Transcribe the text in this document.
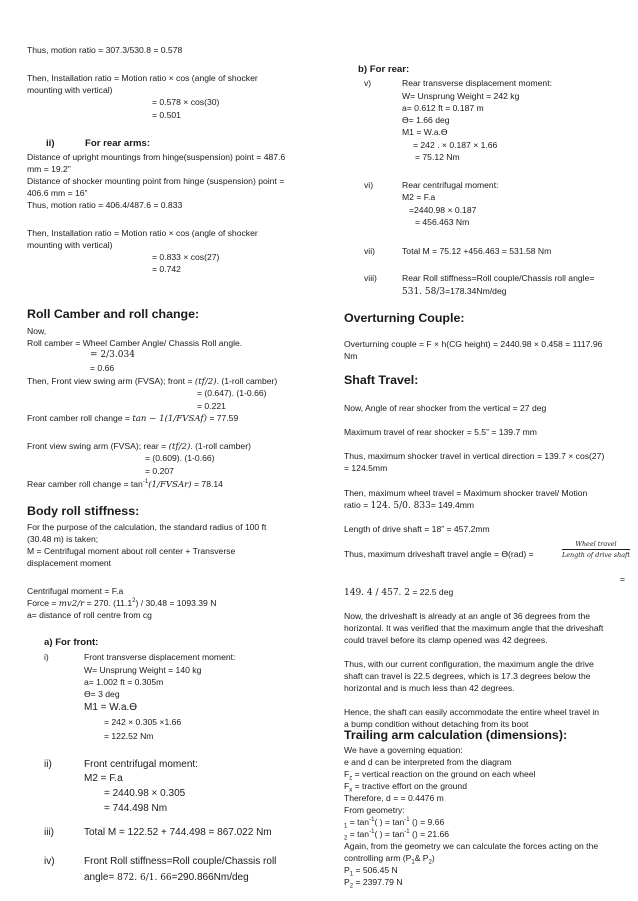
Thus, motion ratio = 307.3/530.8 = 0.578
Then, Installation ratio = Motion ratio × cos (angle of shocker
mounting with vertical)
= 0.578 × cos(30)
= 0.501
ii)	For rear arms:
Distance of upright mountings from hinge(suspension) point = 487.6
mm = 19.2”
Distance of shocker mounting point from hinge (suspension) point =
406.6 mm = 16”
Thus, motion ratio = 406.4/487.6 = 0.833
Then, Installation ratio = Motion ratio × cos (angle of shocker
mounting with vertical)
= 0.833 × cos(27)
= 0.742
Roll Camber and roll change:
Now,
Roll camber = Wheel Camber Angle/ Chassis Roll angle.
= 2/3.034
= 0.66
Then, Front view swing arm (FVSA); front = (tf/2). (1-roll camber)
= (0.647). (1-0.66)
= 0.221
Front camber roll change = tan − 1(1/FVSAf) = 77.59
Front view swing arm (FVSA); rear = (tf/2). (1-roll camber)
= (0.609). (1-0.66)
= 0.207
Rear camber roll change = $\tan^{-1}(1/FVSAr) = 78.14$
Body roll stiffness:
For the purpose of the calculation, the standard radius of 100 ft
(30.48 m) is taken;
M = Centrifugal moment about roll center + Transverse
displacement moment
Centrifugal moment = F.a
Force = mv2/r = 270. (11.1$^2$) / 30.48 = 1093.39 N
a= distance of roll centre from cg
a) For front:
i)	Front transverse displacement moment:
W= Unsprung Weight = 140 kg
a= 1.002 ft = 0.305m
Ө= 3 deg
M1 = W.a.Ө
= 242 × 0.305 ×1.66
= 122.52 Nm
ii)	Front centrifugal moment:
M2 = F.a
= 2440.98 × 0.305
= 744.498 Nm
iii)	Total M = 122.52 + 744.498 = 867.022 Nm
iv)	Front Roll stiffness=Roll couple/Chassis roll
angle= 872. 6/1. 66=290.866Nm/deg
b) For rear:
v)	Rear transverse displacement moment:
W= Unsprung Weight = 242 kg
a= 0.612 ft = 0.187 m
Ө= 1.66 deg
M1 = W.a.Ө
= 242 . × 0.187 × 1.66
= 75.12 Nm
vi)	Rear centrifugal moment:
M2 = F.a
=2440.98 × 0.187
= 456.463 Nm
vii)	Total M = 75.12 +456.463 = 531.58 Nm
viii)	Rear Roll stiffness=Roll couple/Chassis roll angle=
531. 58/3=178.34Nm/deg
Overturning Couple:
Overturning couple = F × h(CG height) = 2440.98 × 0.458 = 1117.96
Nm
Shaft Travel:
Now, Angle of rear shocker from the vertical = 27 deg
Maximum travel of rear shocker = 5.5” = 139.7 mm
Thus, maximum shocker travel in vertical direction = 139.7 × cos(27)
= 124.5mm
Then, maximum wheel travel = Maximum shocker travel/ Motion
ratio = 124. 5/0. 833= 149.4mm
Length of drive shaft = 18” = 457.2mm
Thus, maximum driveshaft travel angle = Ө(rad) =
Wheel travel
Length of drive shaft
=
149. 4 / 457. 2 = 22.5 deg
Now, the driveshaft is already at an angle of 36 degrees from the
horizontal. It was verified that the maximum angle that the driveshaft
could travel before its clamp opened was 42 degrees.
Thus, with our current configuration, the maximum angle the drive
shaft can travel is 22.5 degrees, which is 17.3 degrees below the
horizontal and is much less than 42 degrees.
Hence, the shaft can easily accommodate the entire wheel travel in
a bump condition without detaching from its boot
Trailing arm calculation (dimensions):
We have a governing equation:
e and d can be interpreted from the diagram
$F_z$ = vertical reaction on the ground on each wheel
$F_x$ = tractive effort on the ground
Therefore, d = = 0.4476 m
From geometry:
$_1 = \tan^{-1}$( ) = $\tan^{-1}$ () = 9.66
$_2 = \tan^{-1}$( ) = $\tan^{-1}$ () = 21.66
Again, from the geometry we can calculate the forces acting on the
controlling arm ($P_1\&$ $P_2$)
$P_1 = 506.45$ N
$P_2 = 2397.79$ N
